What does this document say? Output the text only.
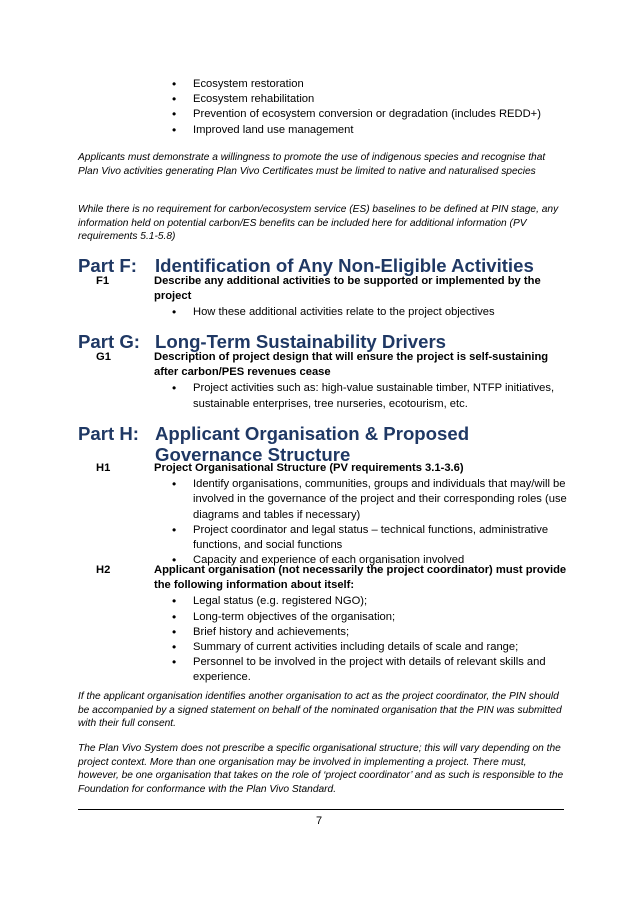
• Ecosystem restoration
• Ecosystem rehabilitation
• Prevention of ecosystem conversion or degradation (includes REDD+)
• Improved land use management
Applicants must demonstrate a willingness to promote the use of indigenous species and recognise that Plan Vivo activities generating Plan Vivo Certificates must be limited to native and naturalised species
While there is no requirement for carbon/ecosystem service (ES) baselines to be defined at PIN stage, any information held on potential carbon/ES benefits can be included here for additional information (PV requirements 5.1-5.8)
Part F: Identification of Any Non-Eligible Activities
F1	Describe any additional activities to be supported or implemented by the project
• How these additional activities relate to the project objectives
Part G: Long-Term Sustainability Drivers
G1	Description of project design that will ensure the project is self-sustaining after carbon/PES revenues cease
• Project activities such as: high-value sustainable timber, NTFP initiatives, sustainable enterprises, tree nurseries, ecotourism, etc.
Part H: Applicant Organisation & Proposed Governance Structure
H1	Project Organisational Structure (PV requirements 3.1-3.6)
• Identify organisations, communities, groups and individuals that may/will be involved in the governance of the project and their corresponding roles (use diagrams and tables if necessary)
• Project coordinator and legal status – technical functions, administrative functions, and social functions
• Capacity and experience of each organisation involved
H2	Applicant organisation (not necessarily the project coordinator) must provide the following information about itself:
• Legal status (e.g. registered NGO);
• Long-term objectives of the organisation;
• Brief history and achievements;
• Summary of current activities including details of scale and range;
• Personnel to be involved in the project with details of relevant skills and experience.
If the applicant organisation identifies another organisation to act as the project coordinator, the PIN should be accompanied by a signed statement on behalf of the nominated organisation that the PIN was submitted with their full consent.
The Plan Vivo System does not prescribe a specific organisational structure; this will vary depending on the project context. More than one organisation may be involved in implementing a project. There must, however, be one organisation that takes on the role of ‘project coordinator’ and as such is responsible to the Foundation for conformance with the Plan Vivo Standard.
7
